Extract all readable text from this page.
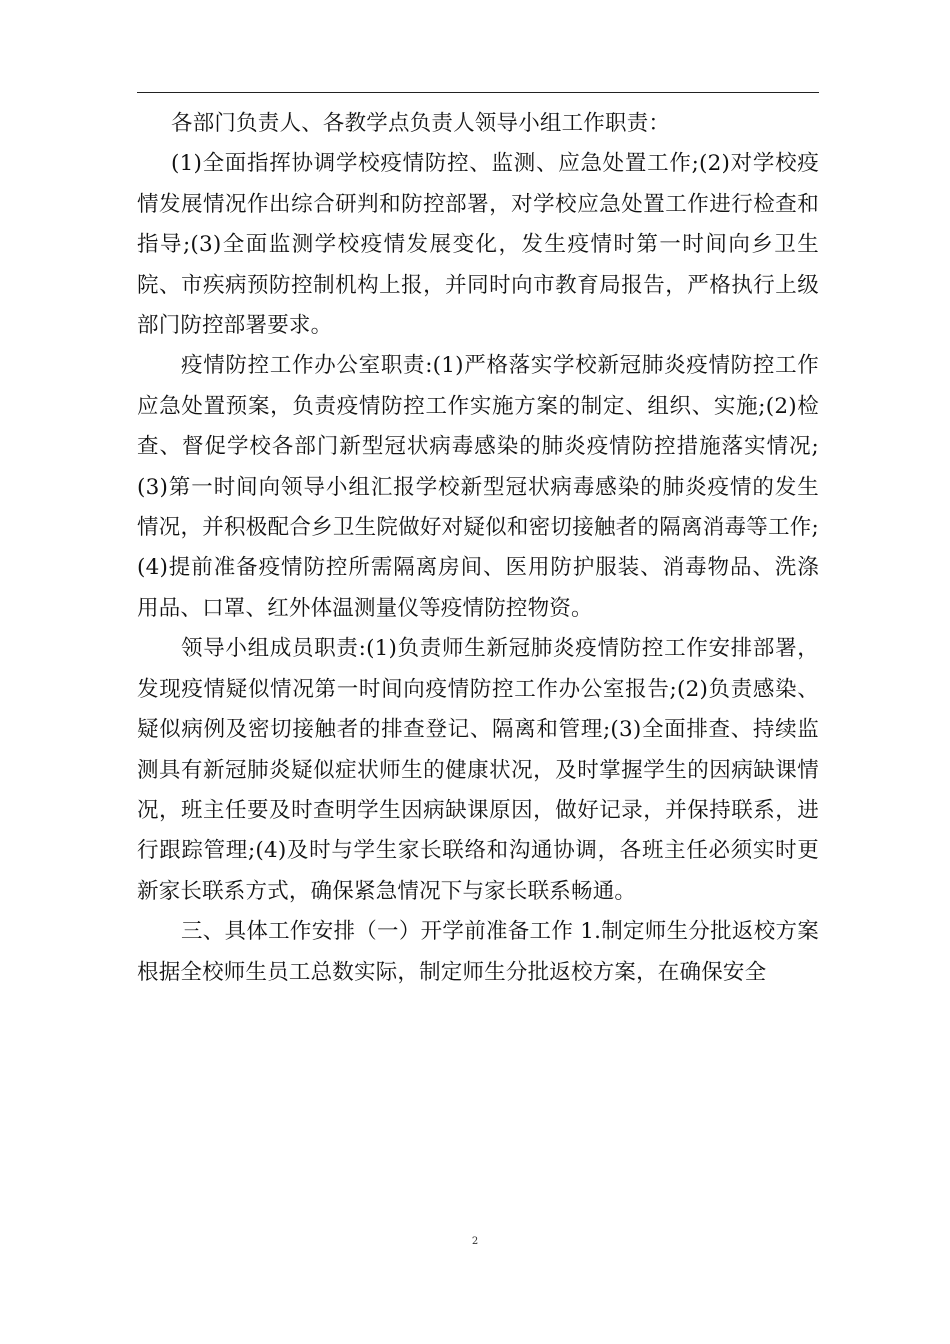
各部门负责人、各教学点负责人领导小组工作职责：

(1)全面指挥协调学校疫情防控、监测、应急处置工作;(2)对学校疫情发展情况作出综合研判和防控部署，对学校应急处置工作进行检查和指导;(3)全面监测学校疫情发展变化，发生疫情时第一时间向乡卫生院、市疾病预防控制机构上报，并同时向市教育局报告，严格执行上级部门防控部署要求。

疫情防控工作办公室职责:(1)严格落实学校新冠肺炎疫情防控工作应急处置预案，负责疫情防控工作实施方案的制定、组织、实施;(2)检查、督促学校各部门新型冠状病毒感染的肺炎疫情防控措施落实情况;(3)第一时间向领导小组汇报学校新型冠状病毒感染的肺炎疫情的发生情况，并积极配合乡卫生院做好对疑似和密切接触者的隔离消毒等工作;(4)提前准备疫情防控所需隔离房间、医用防护服装、消毒物品、洗涤用品、口罩、红外体温测量仪等疫情防控物资。

领导小组成员职责:(1)负责师生新冠肺炎疫情防控工作安排部署，发现疫情疑似情况第一时间向疫情防控工作办公室报告;(2)负责感染、疑似病例及密切接触者的排查登记、隔离和管理;(3)全面排查、持续监测具有新冠肺炎疑似症状师生的健康状况，及时掌握学生的因病缺课情况，班主任要及时查明学生因病缺课原因，做好记录，并保持联系，进行跟踪管理;(4)及时与学生家长联络和沟通协调，各班主任必须实时更新家长联系方式，确保紧急情况下与家长联系畅通。

三、具体工作安排（一）开学前准备工作 1.制定师生分批返校方案根据全校师生员工总数实际，制定师生分批返校方案，在确保安全

2
